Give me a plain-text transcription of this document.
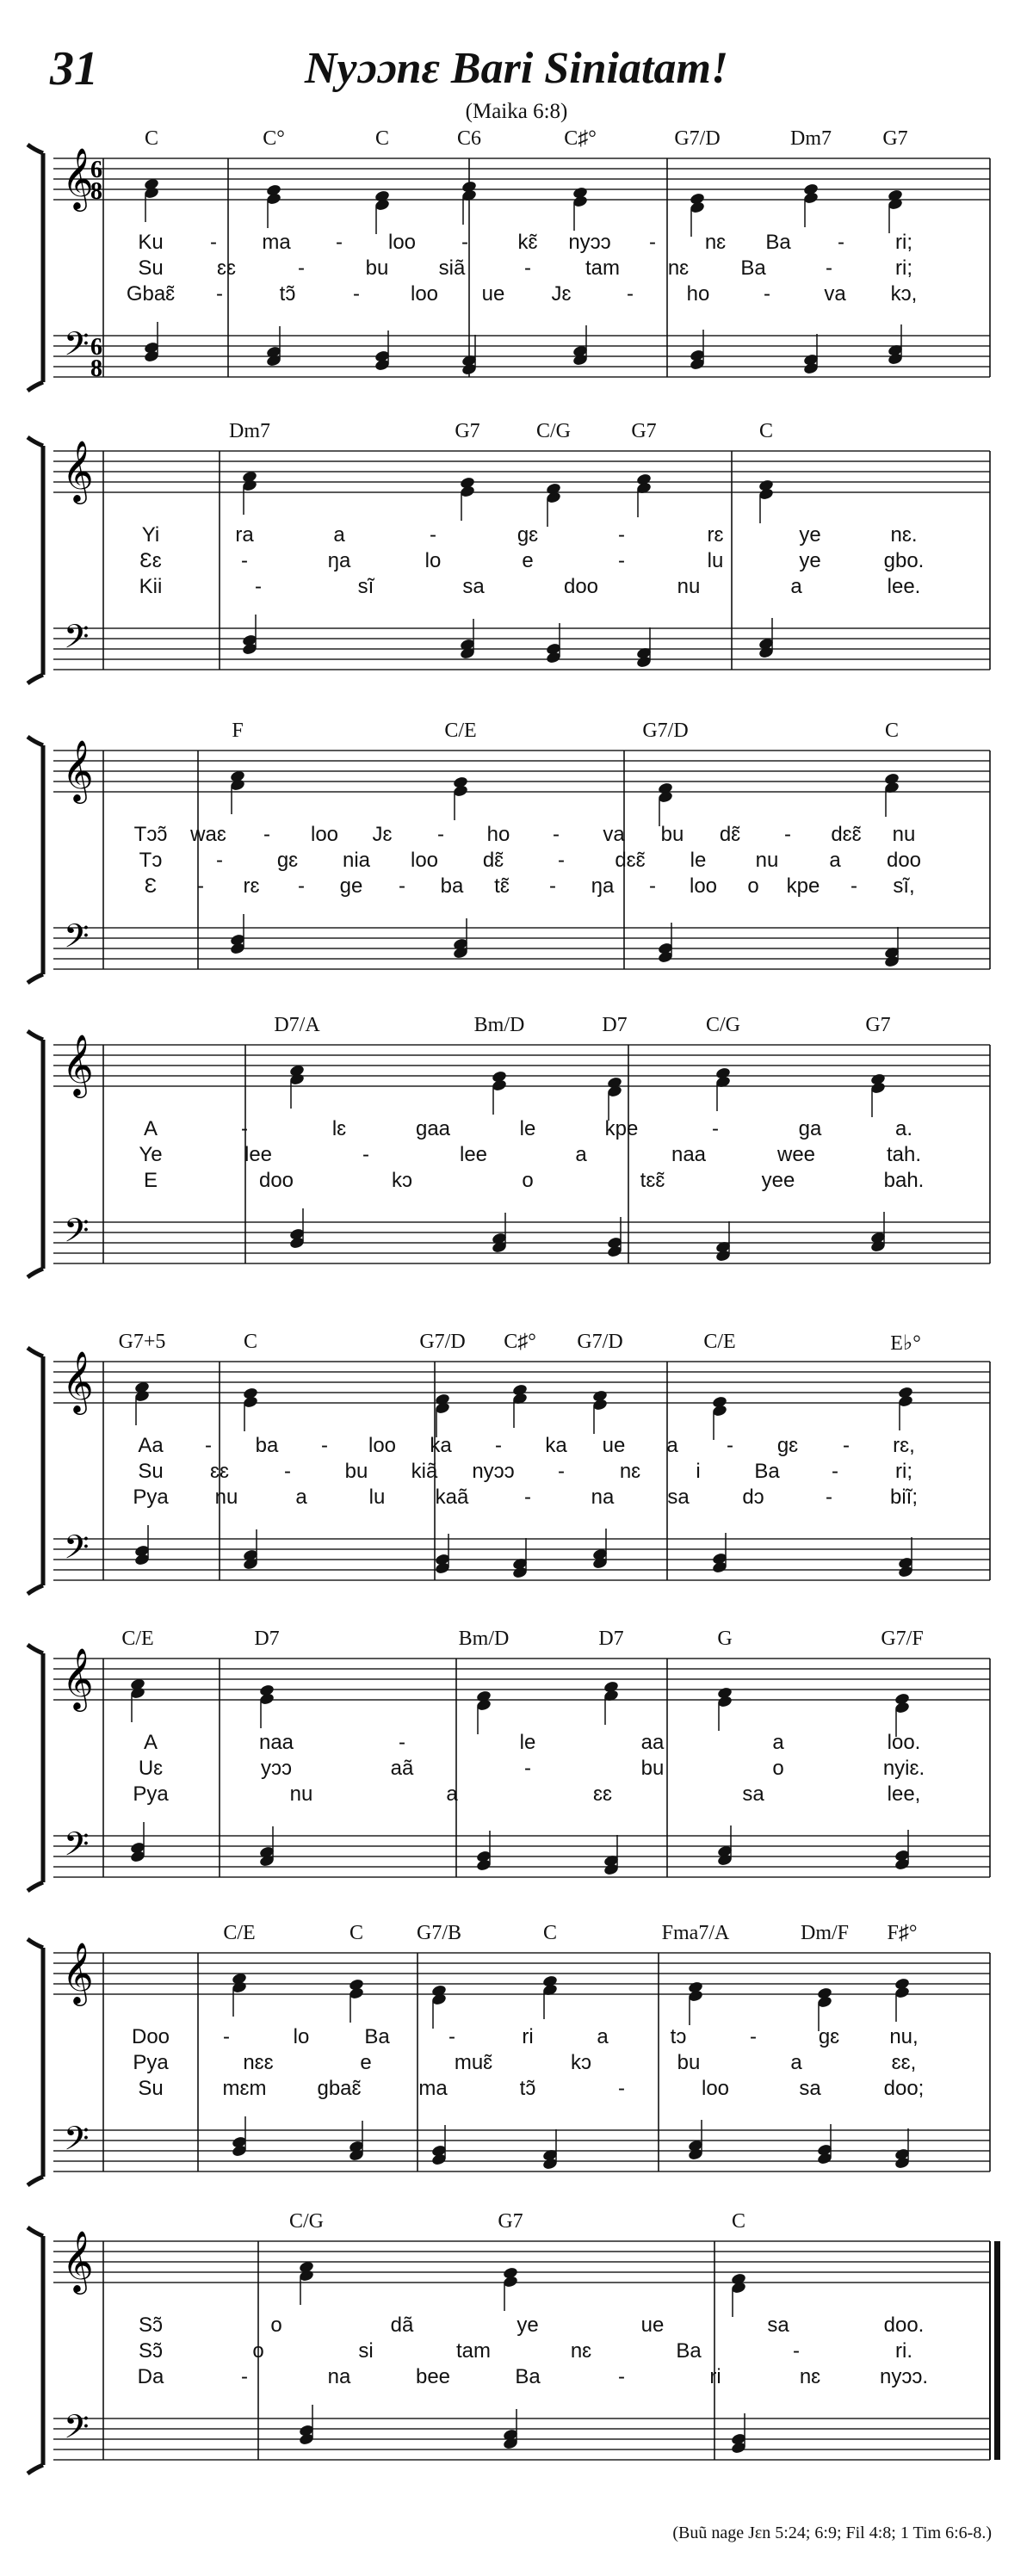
31	Nyɔɔnɛ Bari Siniatam!
(Maika 6:8)
𝄞
𝄢
6
8
6
8
C	C°	C	C6	C♯°	G7/D	Dm7 G7
Ku - ma - loo - kɛ̃ nyɔɔ - nɛ Ba - ri;
Su	ɛɛ	-	bu siã	-	tam nɛ	Ba	-	ri;
Gbaɛ̃ -	tɔ̃	- loo ue Jɛ	-	ho	-	va kɔ,
𝄞
𝄢
Dm7	G7	C/G	G7	C
Yi	ra	a	-	gɛ	-	rɛ	ye	nɛ.
Ɛɛ	-	ŋa	lo	e	-	lu	ye	gbo.
Kii	-	sĩ	sa	doo	nu	a	lee.
𝄞
𝄢
F	C/E	G7/D	C
Tɔɔ̃ waɛ - loo Jɛ - ho - va bu dɛ̃ - dɛɛ̃ nu
Tɔ	-	gɛ nia loo dɛ̃	- dɛɛ̃ le nu a doo
Ɛ - rɛ - ge - ba tɛ̃ - ŋa - loo o kpe - sĩ,
𝄞
𝄢
D7/A	Bm/D	D7	C/G	G7
A	-	lɛ	gaa	le	kpe	-	ga	a.
Ye	lee	-	lee	a	naa	wee	tah.
E	doo	kɔ	o	tɛɛ̃	yee	bah.
𝄞
𝄢
G7+5	C	G7/D C♯° G7/D	C/E	E♭°
Aa - ba - loo ka - ka ue a - gɛ - rɛ,
Su ɛɛ	-	bu kiã nyɔɔ -	nɛ	i	Ba	-	ri;
Pya nu	a	lu kaã	-	na	sa	dɔ	-	biĩ;
𝄞
𝄢
C/E	D7	Bm/D	D7	G	G7/F
A	naa	-	le	aa	a	loo.
Uɛ	yɔɔ	aã	-	bu	o	nyiɛ.
Pya	nu	a	ɛɛ	sa	lee,
𝄞
𝄢
C/E	C	G7/B	C	Fma7/A	Dm/F F♯°
Doo	-	lo	Ba	-	ri	a	tɔ	-	gɛ nu,
Pya	nɛɛ	e	muɛ̃	kɔ	bu	a	ɛɛ,
Su	mɛm gbaɛ̃	ma	tɔ̃	-	loo	sa	doo;
𝄞
𝄢
C/G	G7	C
Sɔ̃	o	dã	ye	ue	sa	doo.
Sɔ̃	o	si	tam	nɛ	Ba	-	ri.
Da	-	na	bee	Ba	-	ri	nɛ	nyɔɔ.
(Buũ nage Jɛn 5:24; 6:9; Fil 4:8; 1 Tim 6:6-8.)
